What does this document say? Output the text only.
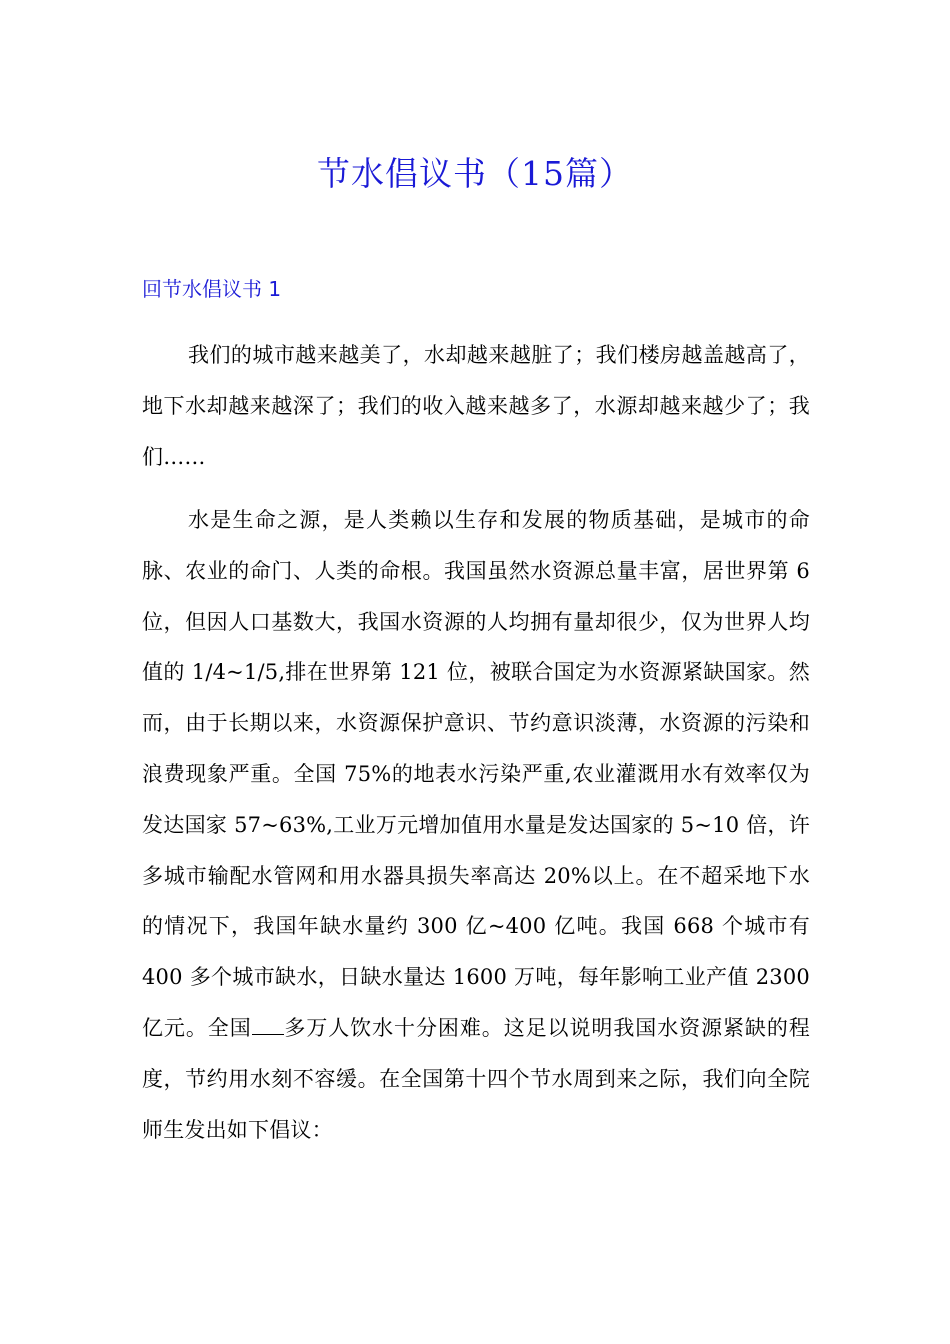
节水倡议书（15篇）
回节水倡议书 1

我们的城市越来越美了，水却越来越脏了；我们楼房越盖越高了，地下水却越来越深了；我们的收入越来越多了，水源却越来越少了；我们……

水是生命之源，是人类赖以生存和发展的物质基础，是城市的命脉、农业的命门、人类的命根。我国虽然水资源总量丰富，居世界第 6 位，但因人口基数大，我国水资源的人均拥有量却很少，仅为世界人均值的 1/4~1/5,排在世界第 121 位，被联合国定为水资源紧缺国家。然而，由于长期以来，水资源保护意识、节约意识淡薄，水资源的污染和浪费现象严重。全国 75%的地表水污染严重,农业灌溉用水有效率仅为发达国家 57~63%,工业万元增加值用水量是发达国家的 5~10 倍，许多城市输配水管网和用水器具损失率高达 20%以上。在不超采地下水的情况下，我国年缺水量约 300 亿~400 亿吨。我国 668 个城市有 400 多个城市缺水，日缺水量达 1600 万吨，每年影响工业产值 2300 亿元。全国 多万人饮水十分困难。这足以说明我国水资源紧缺的程度，节约用水刻不容缓。在全国第十四个节水周到来之际，我们向全院师生发出如下倡议：
